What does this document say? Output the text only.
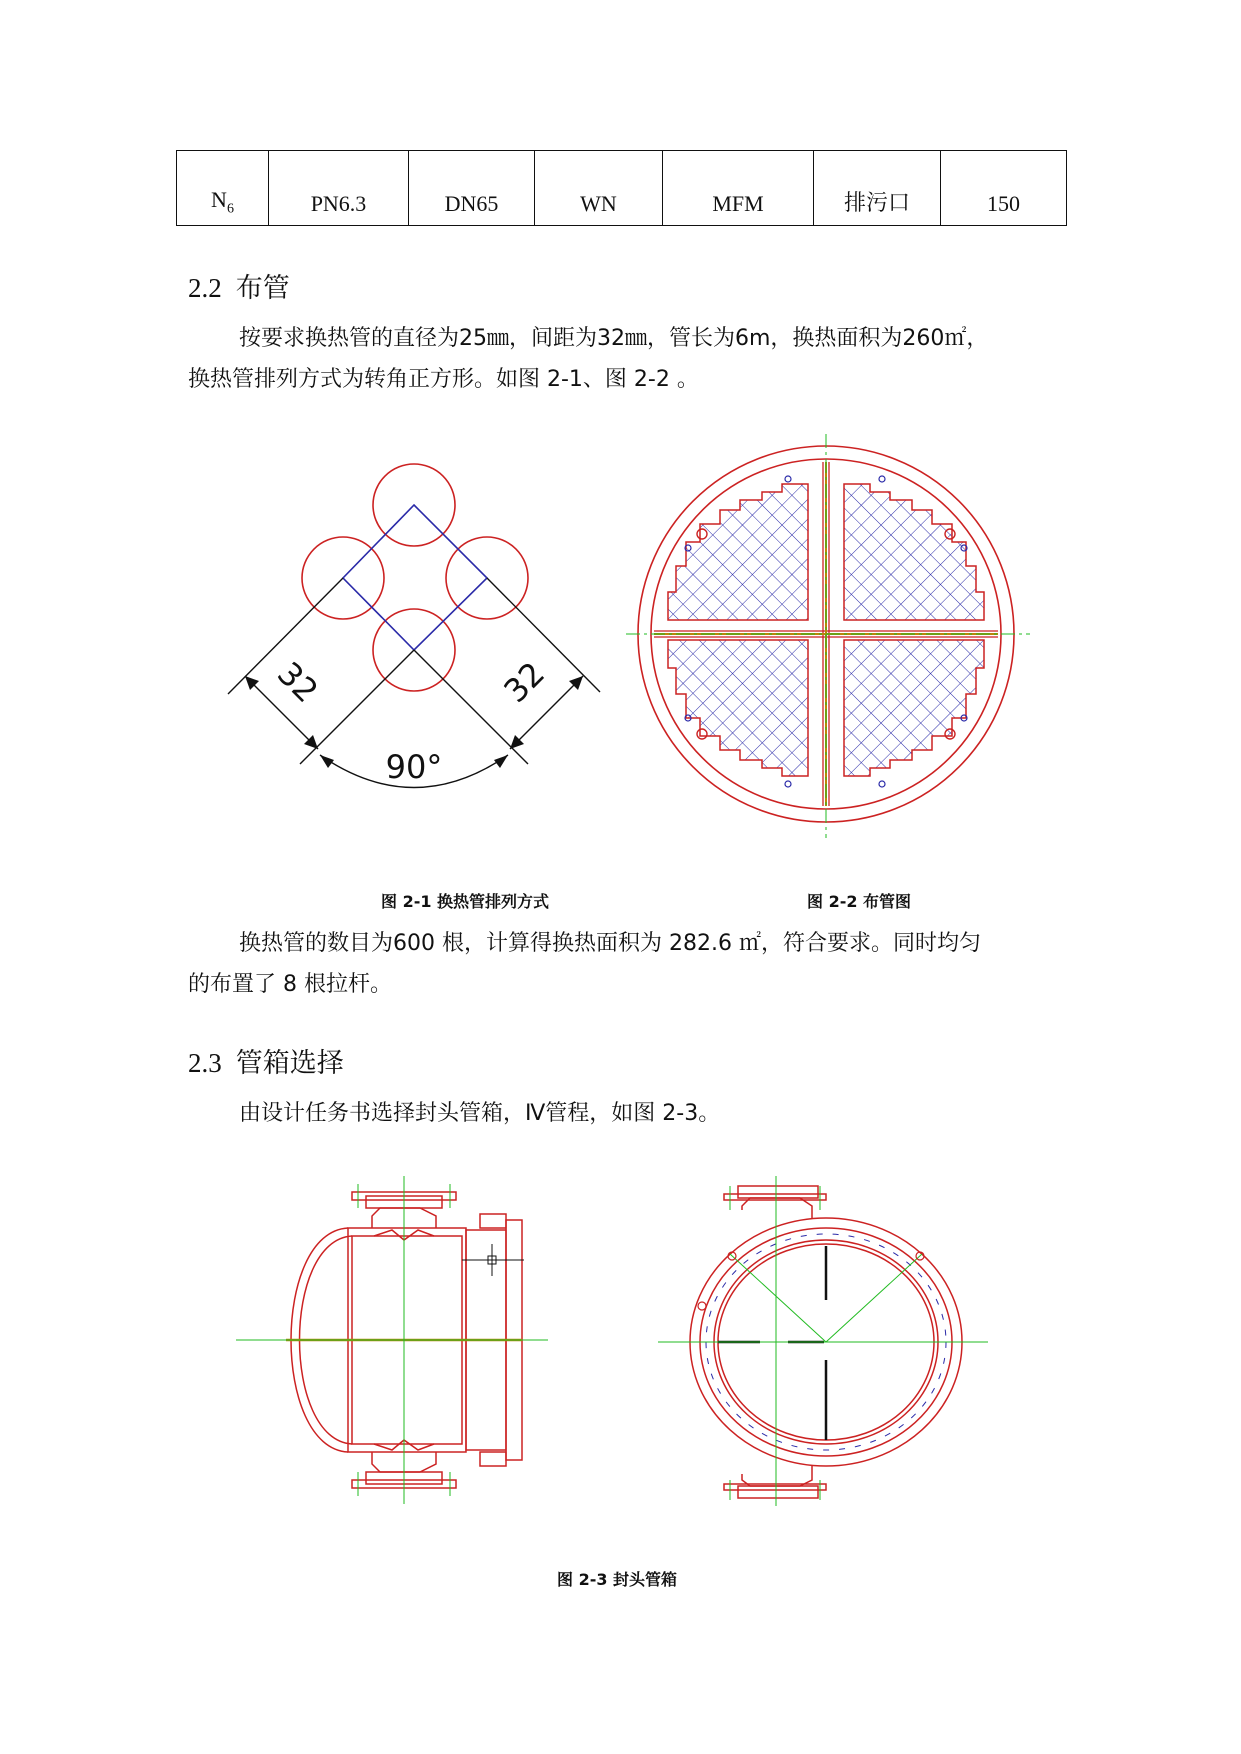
$N_6$	PN6.3	DN65	WN	MFM	排污口	150
2.2 布管
按要求换热管的直径为25㎜，间距为32㎜，管长为6m，换热面积为260㎡，
换热管排列方式为转角正方形。如图 2-1、图 2-2 。
32	32
90°
图 2-1 换热管排列方式	图 2-2 布管图
换热管的数目为600 根，计算得换热面积为 282.6 ㎡，符合要求。同时均匀
的布置了 8 根拉杆。
2.3 管箱选择
由设计任务书选择封头管箱，Ⅳ管程，如图 2-3。
图 2-3 封头管箱
